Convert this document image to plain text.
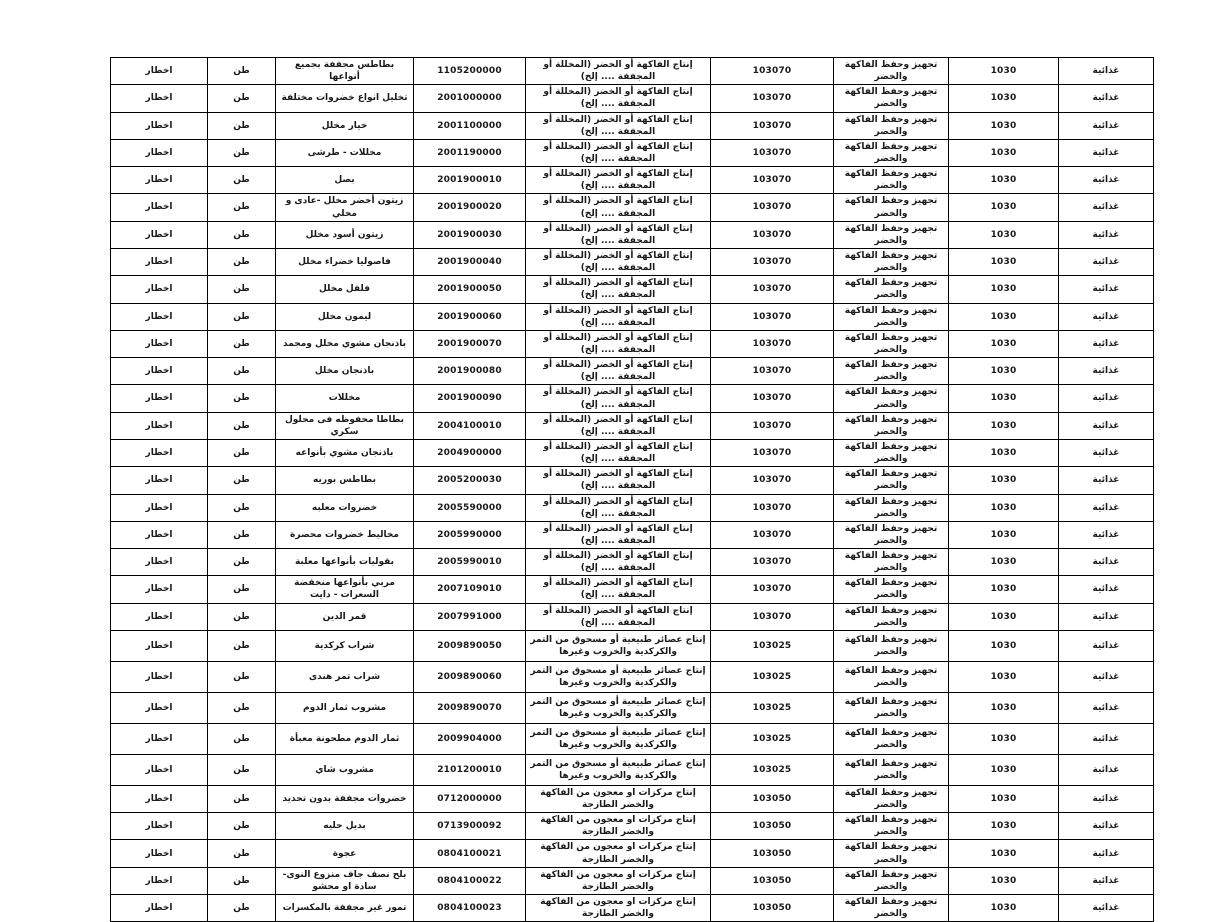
اخطار	طن	بطاطس مجففة بجميع أنواعها	1105200000	إنتاج الفاكهة أو الخضر (المخللة أو المجففة .... إلخ)	103070	تجهيز وحفظ الفاكهة والخضر	1030	غذائية
اخطار	طن	تخليل انواع خضروات مختلفة	2001000000	إنتاج الفاكهة أو الخضر (المخللة أو المجففة .... إلخ)	103070	تجهيز وحفظ الفاكهة والخضر	1030	غذائية
اخطار	طن	خيار مخلل	2001100000	إنتاج الفاكهة أو الخضر (المخللة أو المجففة .... إلخ)	103070	تجهيز وحفظ الفاكهة والخضر	1030	غذائية
اخطار	طن	مخللات - طرشى	2001190000	إنتاج الفاكهة أو الخضر (المخللة أو المجففة .... إلخ)	103070	تجهيز وحفظ الفاكهة والخضر	1030	غذائية
اخطار	طن	بصل	2001900010	إنتاج الفاكهة أو الخضر (المخللة أو المجففة .... إلخ)	103070	تجهيز وحفظ الفاكهة والخضر	1030	غذائية
اخطار	طن	زيتون أخضر مخلل -عادى و مخلي	2001900020	إنتاج الفاكهة أو الخضر (المخللة أو المجففة .... إلخ)	103070	تجهيز وحفظ الفاكهة والخضر	1030	غذائية
اخطار	طن	زيتون أسود مخلل	2001900030	إنتاج الفاكهة أو الخضر (المخللة أو المجففة .... إلخ)	103070	تجهيز وحفظ الفاكهة والخضر	1030	غذائية
اخطار	طن	فاصوليا خضراء مخلل	2001900040	إنتاج الفاكهة أو الخضر (المخللة أو المجففة .... إلخ)	103070	تجهيز وحفظ الفاكهة والخضر	1030	غذائية
اخطار	طن	فلفل مخلل	2001900050	إنتاج الفاكهة أو الخضر (المخللة أو المجففة .... إلخ)	103070	تجهيز وحفظ الفاكهة والخضر	1030	غذائية
اخطار	طن	ليمون مخلل	2001900060	إنتاج الفاكهة أو الخضر (المخللة أو المجففة .... إلخ)	103070	تجهيز وحفظ الفاكهة والخضر	1030	غذائية
اخطار	طن	باذنجان مشوي مخلل ومجمد	2001900070	إنتاج الفاكهة أو الخضر (المخللة أو المجففة .... إلخ)	103070	تجهيز وحفظ الفاكهة والخضر	1030	غذائية
اخطار	طن	باذنجان مخلل	2001900080	إنتاج الفاكهة أو الخضر (المخللة أو المجففة .... إلخ)	103070	تجهيز وحفظ الفاكهة والخضر	1030	غذائية
اخطار	طن	مخللات	2001900090	إنتاج الفاكهة أو الخضر (المخللة أو المجففة .... إلخ)	103070	تجهيز وحفظ الفاكهة والخضر	1030	غذائية
اخطار	طن	بطاطا محفوظه فى محلول سكري	2004100010	إنتاج الفاكهة أو الخضر (المخللة أو المجففة .... إلخ)	103070	تجهيز وحفظ الفاكهة والخضر	1030	غذائية
اخطار	طن	باذنجان مشوي بأنواعه	2004900000	إنتاج الفاكهة أو الخضر (المخللة أو المجففة .... إلخ)	103070	تجهيز وحفظ الفاكهة والخضر	1030	غذائية
اخطار	طن	بطاطس بوريه	2005200030	إنتاج الفاكهة أو الخضر (المخللة أو المجففة .... إلخ)	103070	تجهيز وحفظ الفاكهة والخضر	1030	غذائية
اخطار	طن	خضروات معلبه	2005590000	إنتاج الفاكهة أو الخضر (المخللة أو المجففة .... إلخ)	103070	تجهيز وحفظ الفاكهة والخضر	1030	غذائية
اخطار	طن	مخاليط خضروات محضرة	2005990000	إنتاج الفاكهة أو الخضر (المخللة أو المجففة .... إلخ)	103070	تجهيز وحفظ الفاكهة والخضر	1030	غذائية
اخطار	طن	بقوليات بأنواعها معلبة	2005990010	إنتاج الفاكهة أو الخضر (المخللة أو المجففة .... إلخ)	103070	تجهيز وحفظ الفاكهة والخضر	1030	غذائية
اخطار	طن	مربي بأنواعها منخفضة السعرات - دايت	2007109010	إنتاج الفاكهة أو الخضر (المخللة أو المجففة .... إلخ)	103070	تجهيز وحفظ الفاكهة والخضر	1030	غذائية
اخطار	طن	قمر الدين	2007991000	إنتاج الفاكهة أو الخضر (المخللة أو المجففة .... إلخ)	103070	تجهيز وحفظ الفاكهة والخضر	1030	غذائية
اخطار	طن	شراب كركدية	2009890050	إنتاج عصائر طبيعية أو مسحوق من التمر والكركدية والخروب وغيرها	103025	تجهيز وحفظ الفاكهة والخضر	1030	غذائية
اخطار	طن	شراب تمر هندى	2009890060	إنتاج عصائر طبيعية أو مسحوق من التمر والكركدية والخروب وغيرها	103025	تجهيز وحفظ الفاكهة والخضر	1030	غذائية
اخطار	طن	مشروب ثمار الدوم	2009890070	إنتاج عصائر طبيعية أو مسحوق من التمر والكركدية والخروب وغيرها	103025	تجهيز وحفظ الفاكهة والخضر	1030	غذائية
اخطار	طن	ثمار الدوم مطحونة معبأة	2009904000	إنتاج عصائر طبيعية أو مسحوق من التمر والكركدية والخروب وغيرها	103025	تجهيز وحفظ الفاكهة والخضر	1030	غذائية
اخطار	طن	مشروب شاي	2101200010	إنتاج عصائر طبيعية أو مسحوق من التمر والكركدية والخروب وغيرها	103025	تجهيز وحفظ الفاكهة والخضر	1030	غذائية
اخطار	طن	خضروات مجففة بدون تحديد	0712000000	إنتاج مركزات او معجون من الفاكهة والخضر الطازجة	103050	تجهيز وحفظ الفاكهة والخضر	1030	غذائية
اخطار	طن	بديل حليه	0713900092	إنتاج مركزات او معجون من الفاكهة والخضر الطازجة	103050	تجهيز وحفظ الفاكهة والخضر	1030	غذائية
اخطار	طن	عجوة	0804100021	إنتاج مركزات او معجون من الفاكهة والخضر الطازجة	103050	تجهيز وحفظ الفاكهة والخضر	1030	غذائية
اخطار	طن	بلح نصف جاف منزوع النوى- سادة او محشو	0804100022	إنتاج مركزات او معجون من الفاكهة والخضر الطازجة	103050	تجهيز وحفظ الفاكهة والخضر	1030	غذائية
اخطار	طن	تمور غير مجففة بالمكسرات	0804100023	إنتاج مركزات او معجون من الفاكهة والخضر الطازجة	103050	تجهيز وحفظ الفاكهة والخضر	1030	غذائية
